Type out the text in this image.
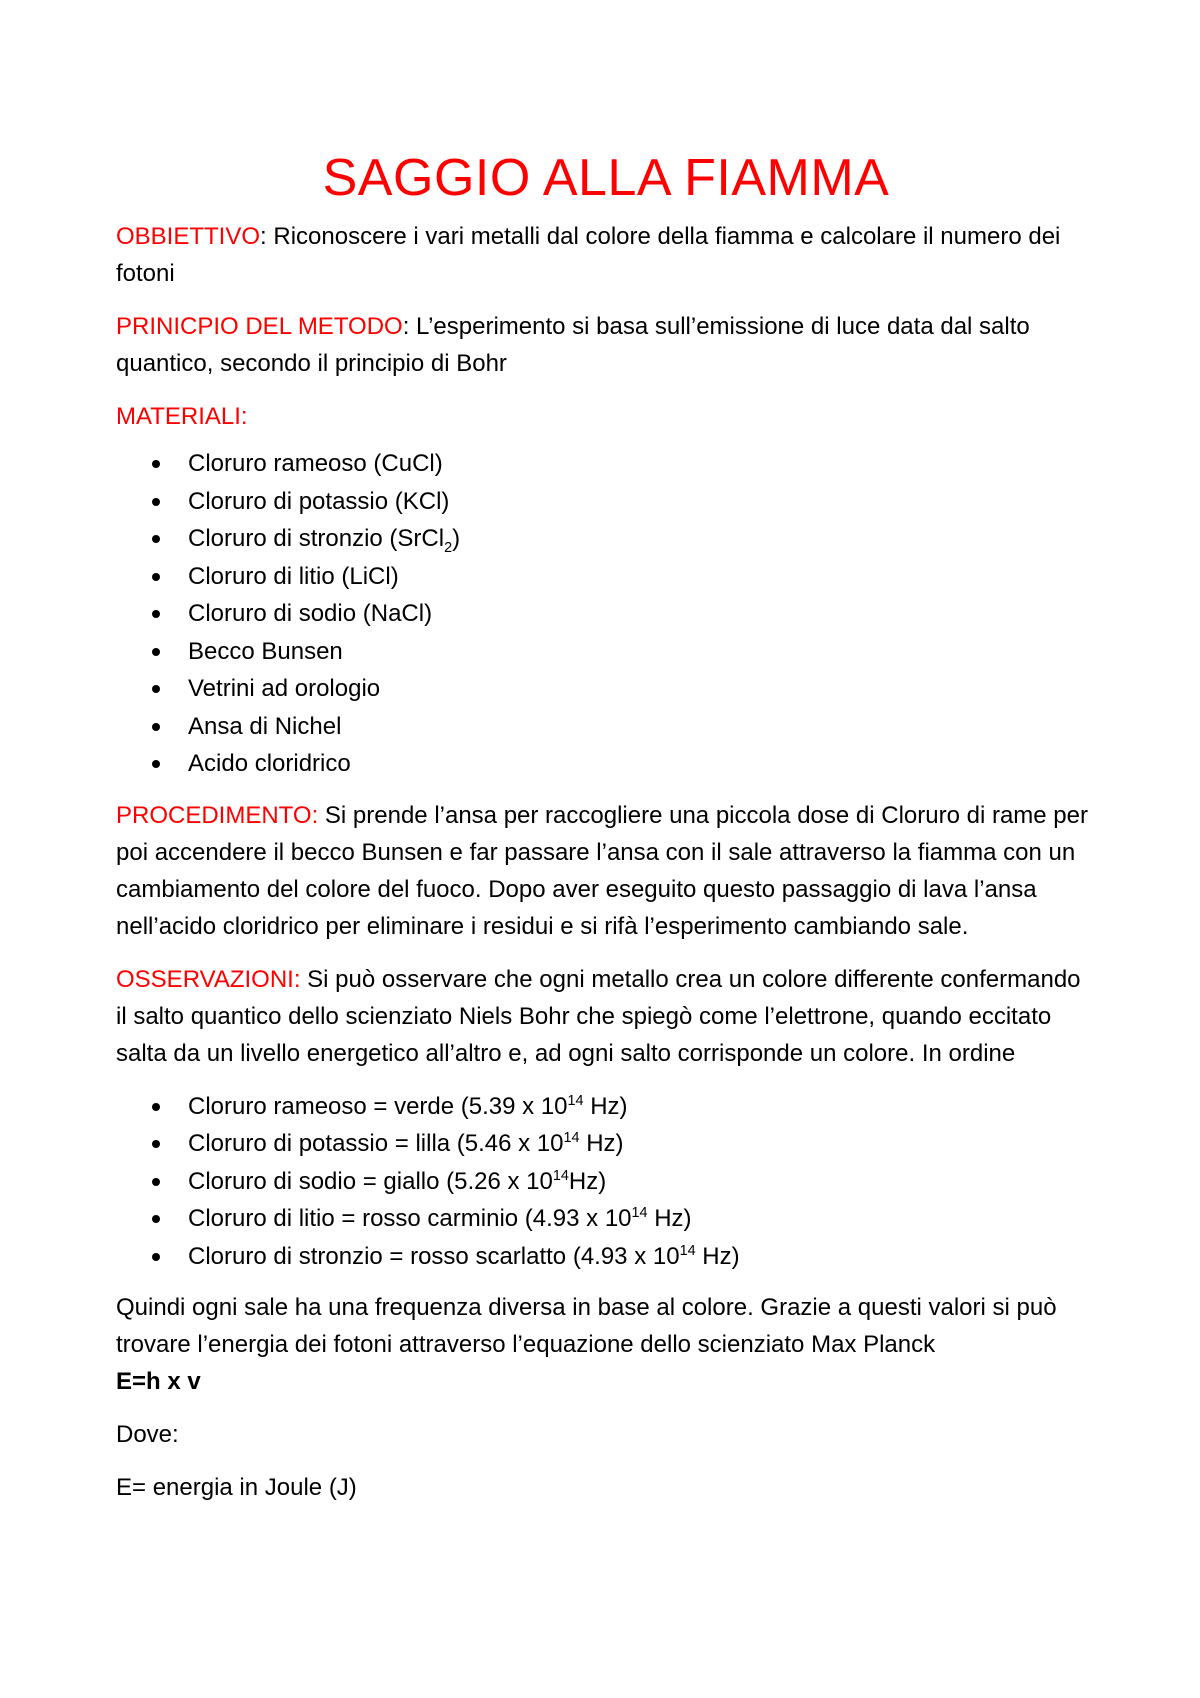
SAGGIO ALLA FIAMMA

OBBIETTIVO: Riconoscere i vari metalli dal colore della fiamma e calcolare il numero dei fotoni

PRINICPIO DEL METODO: L’esperimento si basa sull’emissione di luce data dal salto quantico, secondo il principio di Bohr

MATERIALI:

Cloruro rameoso (CuCl)
Cloruro di potassio (KCl)
Cloruro di stronzio (SrCl$_2$)
Cloruro di litio (LiCl)
Cloruro di sodio (NaCl)
Becco Bunsen
Vetrini ad orologio
Ansa di Nichel
Acido cloridrico

PROCEDIMENTO: Si prende l’ansa per raccogliere una piccola dose di Cloruro di rame per poi accendere il becco Bunsen e far passare l’ansa con il sale attraverso la fiamma con un cambiamento del colore del fuoco. Dopo aver eseguito questo passaggio di lava l’ansa nell’acido cloridrico per eliminare i residui e si rifà l’esperimento cambiando sale.

OSSERVAZIONI: Si può osservare che ogni metallo crea un colore differente confermando il salto quantico dello scienziato Niels Bohr che spiegò come l’elettrone, quando eccitato salta da un livello energetico all’altro e, ad ogni salto corrisponde un colore. In ordine

Cloruro rameoso = verde (5.39 x $10^{14}$ Hz)
Cloruro di potassio = lilla (5.46 x $10^{14}$ Hz)
Cloruro di sodio = giallo (5.26 x $10^{14}Hz$)
Cloruro di litio = rosso carminio (4.93 x $10^{14}$ Hz)
Cloruro di stronzio = rosso scarlatto (4.93 x $10^{14}$ Hz)

Quindi ogni sale ha una frequenza diversa in base al colore. Grazie a questi valori si può trovare l’energia dei fotoni attraverso l’equazione dello scienziato Max Planck
E=h x v

Dove:

E= energia in Joule (J)
